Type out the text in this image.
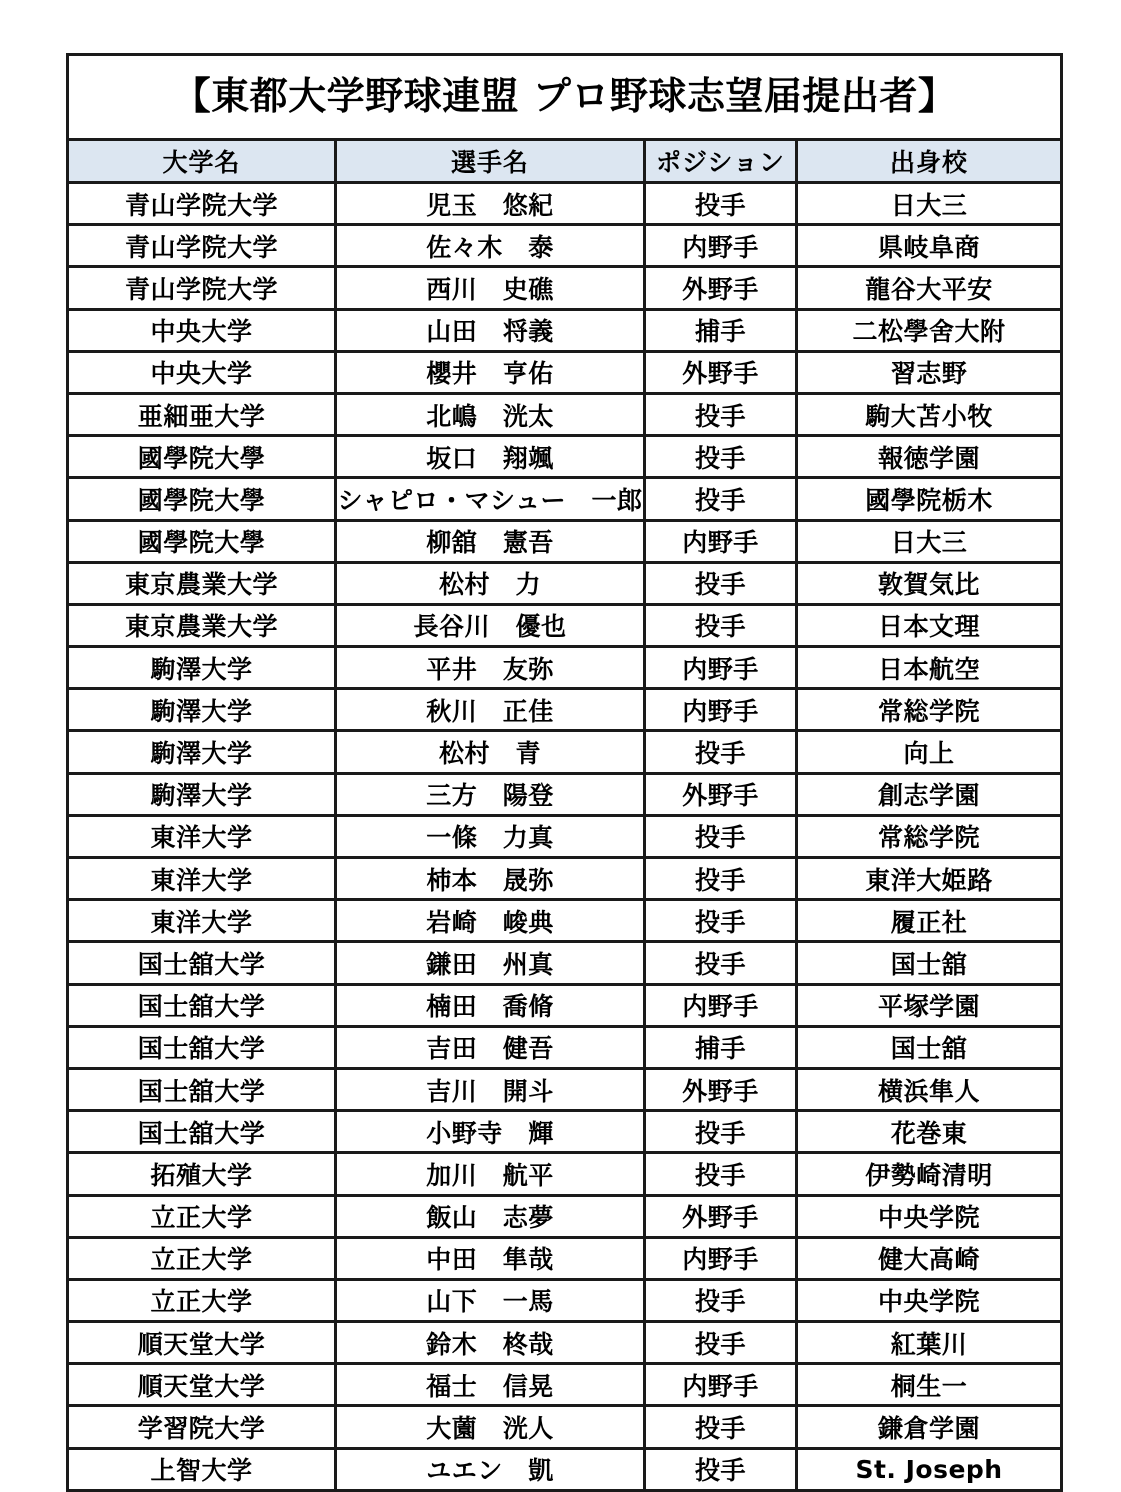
【東都大学野球連盟 プロ野球志望届提出者】			
大学名	選手名	ポジション	出身校
青山学院大学	児玉　悠紀	投手	日大三
青山学院大学	佐々木　泰	内野手	県岐阜商
青山学院大学	西川　史礁	外野手	龍谷大平安
中央大学	山田　将義	捕手	二松學舍大附
中央大学	櫻井　亨佑	外野手	習志野
亜細亜大学	北嶋　洸太	投手	駒大苫小牧
國學院大學	坂口　翔颯	投手	報徳学園
國學院大學	シャピロ・マシュー　一郎	投手	國學院栃木
國學院大學	柳舘　憲吾	内野手	日大三
東京農業大学	松村　力	投手	敦賀気比
東京農業大学	長谷川　優也	投手	日本文理
駒澤大学	平井　友弥	内野手	日本航空
駒澤大学	秋川　正佳	内野手	常総学院
駒澤大学	松村　青	投手	向上
駒澤大学	三方　陽登	外野手	創志学園
東洋大学	一條　力真	投手	常総学院
東洋大学	柿本　晟弥	投手	東洋大姫路
東洋大学	岩崎　峻典	投手	履正社
国士舘大学	鎌田　州真	投手	国士舘
国士舘大学	楠田　喬脩	内野手	平塚学園
国士舘大学	吉田　健吾	捕手	国士舘
国士舘大学	吉川　開斗	外野手	横浜隼人
国士舘大学	小野寺　輝	投手	花巻東
拓殖大学	加川　航平	投手	伊勢崎清明
立正大学	飯山　志夢	外野手	中央学院
立正大学	中田　隼哉	内野手	健大高崎
立正大学	山下　一馬	投手	中央学院
順天堂大学	鈴木　柊哉	投手	紅葉川
順天堂大学	福士　信晃	内野手	桐生一
学習院大学	大薗　洸人	投手	鎌倉学園
上智大学	ユエン　凱	投手	St. Joseph
